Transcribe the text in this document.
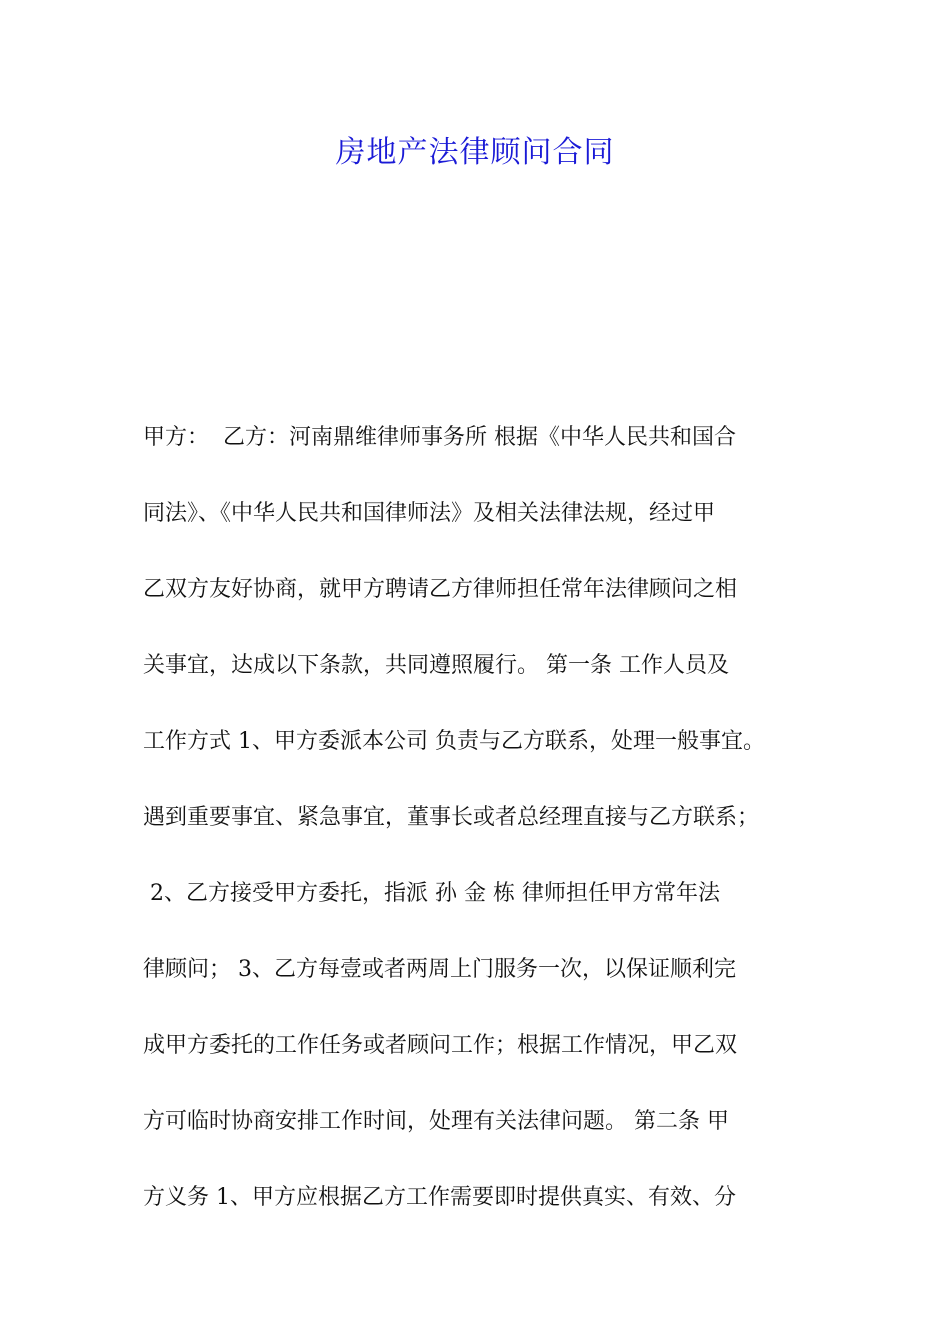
房地产法律顾问合同
甲方：  乙方：河南鼎维律师事务所 根据《中华人民共和国合
同法》、《中华人民共和国律师法》及相关法律法规，经过甲
乙双方友好协商，就甲方聘请乙方律师担任常年法律顾问之相
关事宜，达成以下条款，共同遵照履行。 第一条 工作人员及
工作方式 1、甲方委派本公司 负责与乙方联系，处理一般事宜。
遇到重要事宜、紧急事宜，董事长或者总经理直接与乙方联系；
2、乙方接受甲方委托，指派 孙 金 栋 律师担任甲方常年法
律顾问； 3、乙方每壹或者两周上门服务一次，以保证顺利完
成甲方委托的工作任务或者顾问工作；根据工作情况，甲乙双
方可临时协商安排工作时间，处理有关法律问题。 第二条 甲
方义务 1、甲方应根据乙方工作需要即时提供真实、有效、分
